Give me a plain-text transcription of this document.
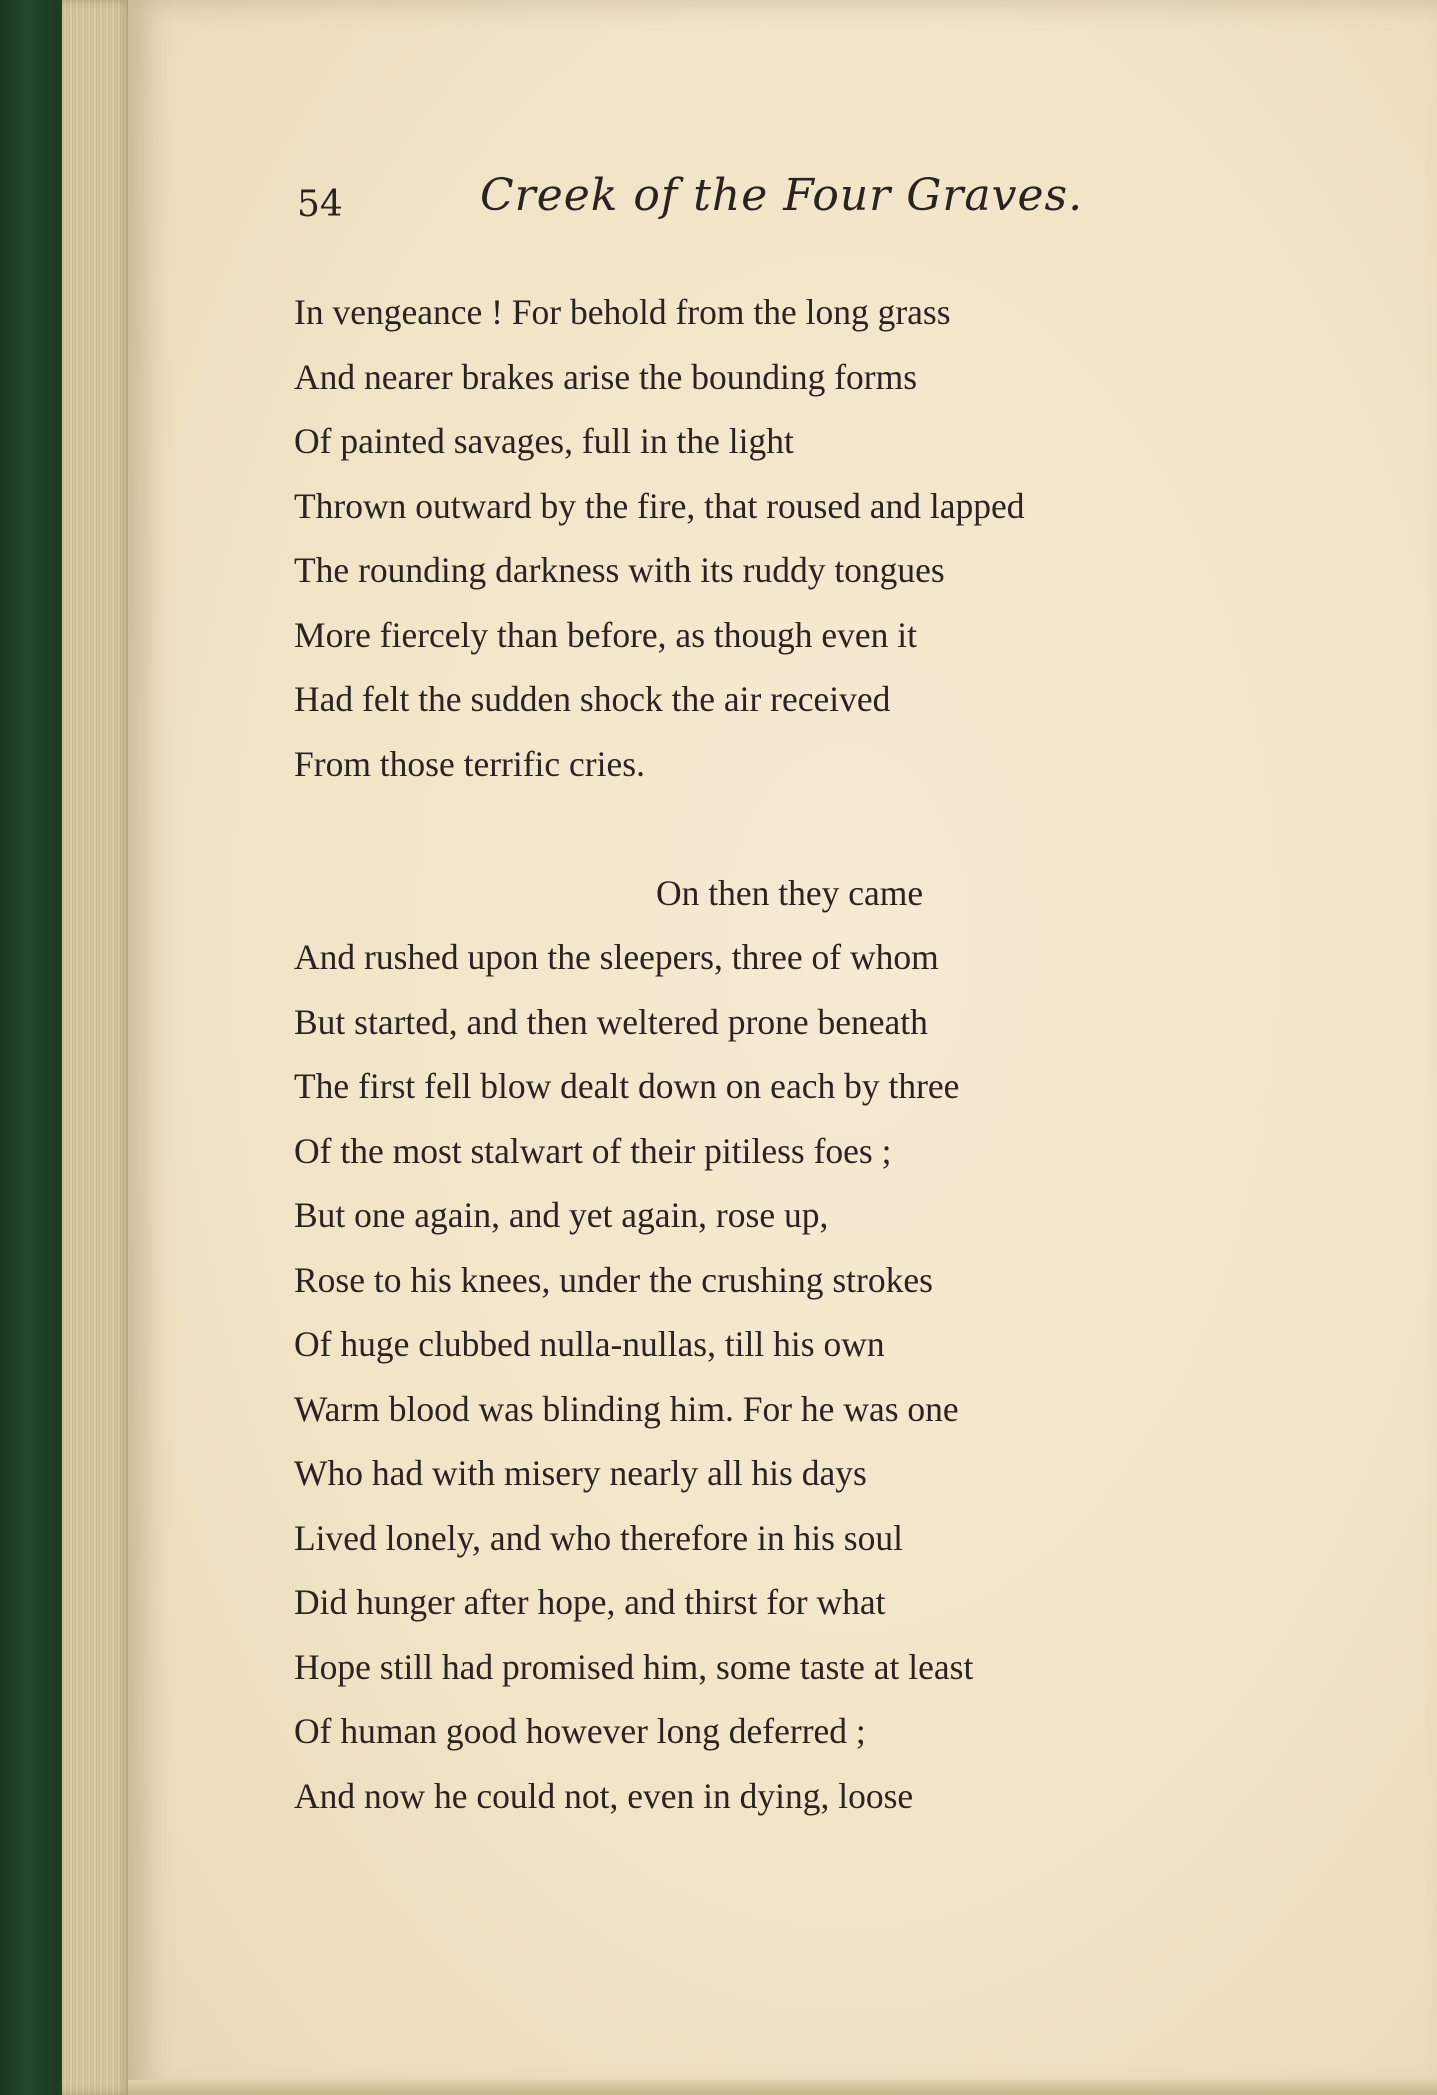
54	Creek of the Four Graves.
In vengeance ! For behold from the long grass
And nearer brakes arise the bounding forms
Of painted savages, full in the light
Thrown outward by the fire, that roused and lapped
The rounding darkness with its ruddy tongues
More fiercely than before, as though even it
Had felt the sudden shock the air received
From those terrific cries.
On then they came
And rushed upon the sleepers, three of whom
But started, and then weltered prone beneath
The first fell blow dealt down on each by three
Of the most stalwart of their pitiless foes ;
But one again, and yet again, rose up,
Rose to his knees, under the crushing strokes
Of huge clubbed nulla-nullas, till his own
Warm blood was blinding him. For he was one
Who had with misery nearly all his days
Lived lonely, and who therefore in his soul
Did hunger after hope, and thirst for what
Hope still had promised him, some taste at least
Of human good however long deferred ;
And now he could not, even in dying, loose
